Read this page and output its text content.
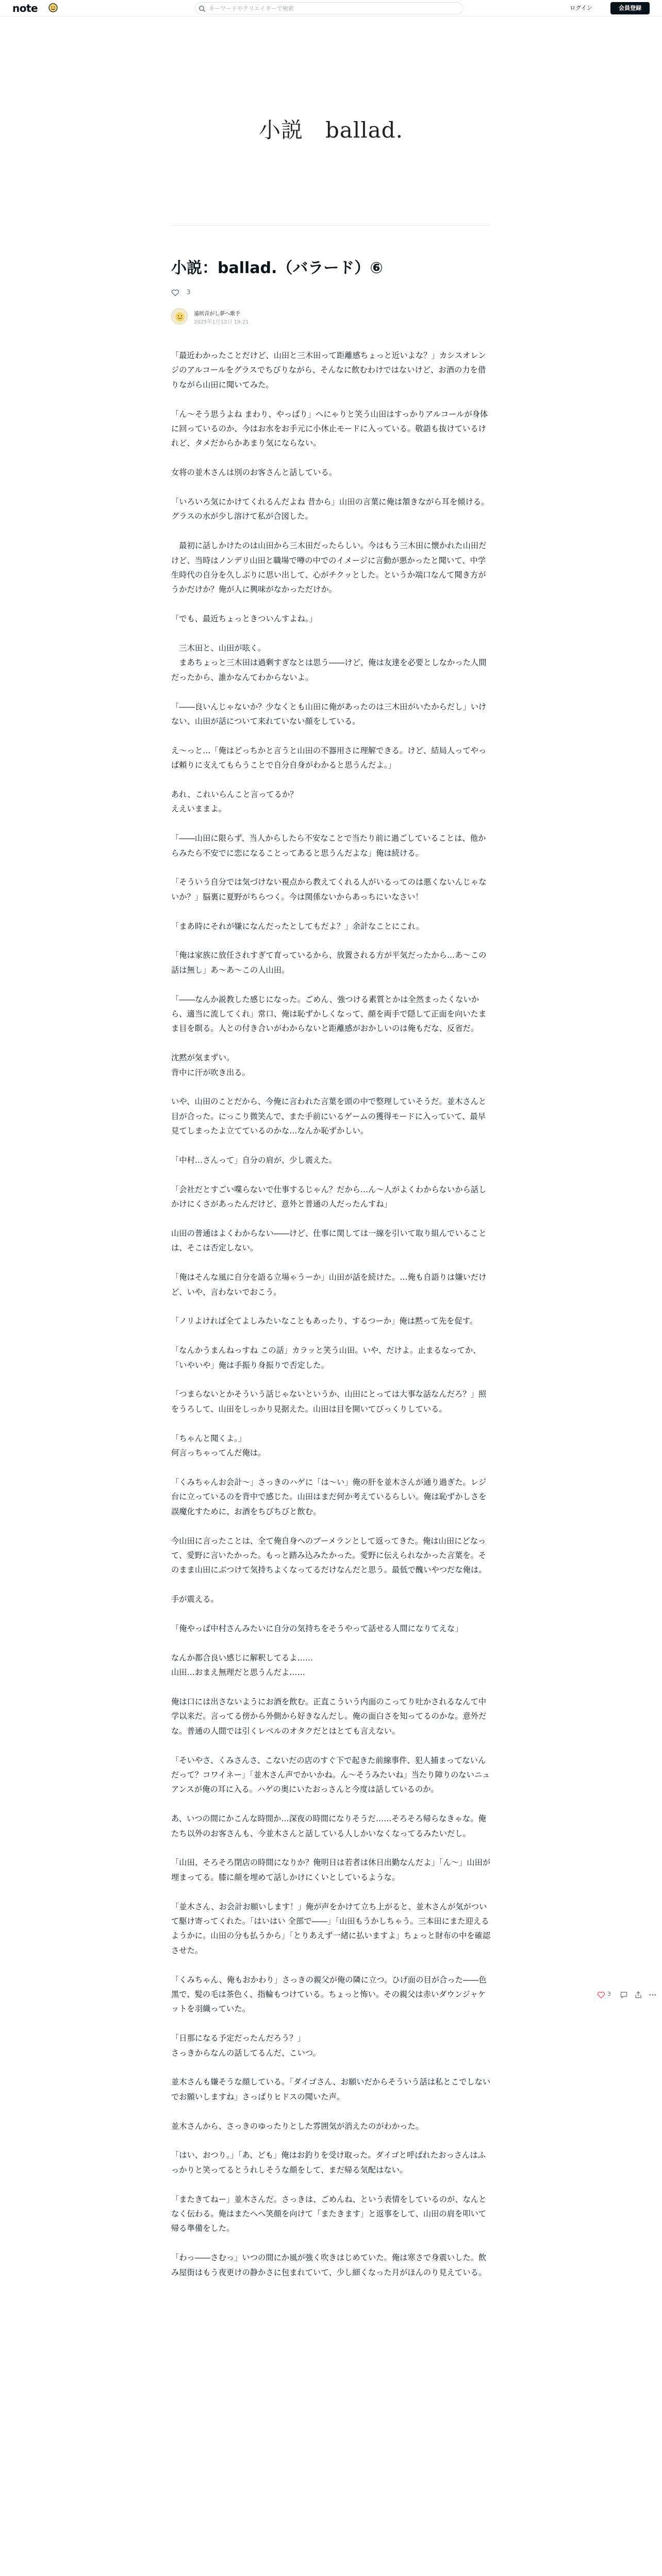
note
キーワードやクリエイターで検索	ログイン	会員登録
小説　ballad.
小説：ballad.（バラード）⑥
3
遠吠音がし夢へ歌手
2025年1月12日 19:21

「最近わかったことだけど、山田と三木田って距離感ちょっと近いよな？」カシスオレンジのアルコールをグラスでちびりながら、そんなに飲むわけではないけど、お酒の力を借りながら山田に聞いてみた。

「ん〜そう思うよね まわり、やっぱり」へにゃりと笑う山田はすっかりアルコールが身体に回っているのか、今はお水をお手元に小休止モードに入っている。敬語も抜けているけれど、タメだからかあまり気にならない。

女将の並木さんは別のお客さんと話している。

「いろいろ気にかけてくれるんだよね 昔から」山田の言葉に俺は頷きながら耳を傾ける。グラスの水が少し溶けて私が合図した。

　最初に話しかけたのは山田から三木田だったらしい。今はもう三木田に懐かれた山田だけど、当時はノンデリ山田と職場で噂の中でのイメージに言動が悪かったと聞いて、中学生時代の自分を久しぶりに思い出して、心がチクッとした。というか端口なんて聞き方がうかだけか？俺が人に興味がなかっただけか。

「でも、最近ちょっときついんすよね。」

　三木田と、山田が呟く。
　まあちょっと三木田は過剰すぎなとは思う――けど、俺は友達を必要としなかった人間だったから、誰かなんてわからないよ。

「――良いんじゃないか？少なくとも山田に俺があったのは三木田がいたからだし」いけない、山田が話について来れていない顔をしている。

え〜っと…「俺はどっちかと言うと山田の不器用さに理解できる。けど、結局人ってやっぱ頼りに支えてもらうことで自分自身がわかると思うんだよ。」

あれ、これいらんこと言ってるか？
ええいままよ。

「――山田に限らず、当人からしたら不安なことで当たり前に過ごしていることは、他からみたら不安でに恋になることってあると思うんだよな」俺は続ける。

「そういう自分では気づけない視点から教えてくれる人がいるってのは悪くないんじゃないか？」脳裏に夏野がちらつく。今は関係ないからあっちにいなさい！

「まあ時にそれが嫌になんだったとしてもだよ？」余計なことにこれ。

「俺は家族に放任されすぎて育っているから、放置される方が平気だったから…あ〜この話は無し」あ〜あ〜この人山田。

「――なんか説教した感じになった。ごめん、強つける素質とかは全然まったくないから、適当に流してくれ」常口、俺は恥ずかしくなって、顔を両手で隠して正面を向いたまま目を瞑る。人との付き合いがわからないと距離感がおかしいのは俺もだな、反省だ。

沈黙が気まずい。
背中に汗が吹き出る。

いや、山田のことだから、今俺に言われた言葉を頭の中で整理していそうだ。並木さんと目が合った。にっこり微笑んで、また手前にいるゲームの獲得モードに入っていて、最早見てしまったよ立てているのかな…なんか恥ずかしい。

「中村…さんって」自分の肩が、少し震えた。

「会社だとすごい喋らないで仕事するじゃん？だから…ん〜人がよくわからないから話しかけにくさがあったんだけど、意外と普通の人だったんすね」

山田の普通はよくわからない――けど、仕事に関しては一線を引いて取り組んでいることは、そこは否定しない。

「俺はそんな風に自分を語る立場ゃうーか」山田が話を続けた。…俺も自語りは嫌いだけど、いや、言わないでおこう。

「ノリよければ全てよしみたいなこともあったり、するつーか」俺は黙って先を促す。

「なんかうまんねっすね この話」カラッと笑う山田。いや、だけよ。止まるなってか、「いやいや」俺は手振り身振りで否定した。

「つまらないとかそういう話じゃないというか、山田にとっては大事な話なんだろ？」照をうろして、山田をしっかり見据えた。山田は目を開いてびっくりしている。

「ちゃんと聞くよ。」
何言っちゃってんだ俺は。

「くみちゃんお会計〜」さっきのハゲに「は〜い」俺の肝を並木さんが通り過ぎた。レジ台に立っているのを背中で感じた。山田はまだ何か考えているらしい。俺は恥ずかしさを誤魔化すために、お酒をちびちびと飲む。

今山田に言ったことは、全て俺自身へのブーメランとして返ってきた。俺は山田にどなって、愛野に言いたかった。もっと踏み込みたかった。愛野に伝えられなかった言葉を。そのまま山田にぶつけて気持ちよくなってるだけなんだと思う。最低で醜いやつだな俺は。

手が震える。

「俺やっぱ中村さんみたいに自分の気持ちをそうやって話せる人間になりてえな」

なんか都合良い感じに解釈してるよ……
山田…おまえ無理だと思うんだよ……

俺は口には出さないようにお酒を飲む。正直こういう内面のこってり吐かされるなんて中学以来だ。言ってる傍から外側から好きなんだし。俺の面白さを知ってるのかな。意外だな。普通の人間では引くレベルのオタクだとはとても言えない。

「そいやさ、くみさんさ、こないだの店のすぐ下で起きた前線事件、犯人捕まってないんだって？コワイネー」「並木さん声でかいかね。ん〜そうみたいね」当たり障りのないニュアンスが俺の耳に入る。ハゲの奥にいたおっさんと今度は話しているのか。

あ、いつの間にかこんな時間か…深夜の時間になりそうだ……そろそろ帰らなきゃな。俺たち以外のお客さんも、今並木さんと話している人しかいなくなってるみたいだし。

「山田、そろそろ閉店の時間になりか？俺明日は若者は休日出勤なんだよ」「ん〜」山田が埋まってる。膝に顔を埋めて話しかけにくいとしているような。

「並木さん、お会計お願いします！」俺が声をかけて立ち上がると、並木さんが気がついて駆け寄ってくれた。「はいはい 全部で――」「山田もうかしちゃう。三本田にまた迎えるようかに。山田の分も払うから」「とりあえず一緒に払いますよ」ちょっと財布の中を確認させた。

「くみちゃん、俺もおかわり」さっきの親父が俺の隣に立つ。ひげ面の目が合った――色黒で、髪の毛は茶色く、指輪もつけている。ちょっと怖い。その親父は赤いダウンジャケットを羽織っていた。

「日那になる予定だったんだろう？」
さっきからなんの話してるんだ、こいつ。

並木さんも嫌そうな顔している。「ダイゴさん、お願いだからそういう話は私とこでしないでお願いしますね」さっぱりヒドスの聞いた声。

並木さんから、さっきのゆったりとした雰囲気が消えたのがわかった。

「はい、おつり。」「あ、ども」俺はお釣りを受け取った。ダイゴと呼ばれたおっさんはふっかりと笑ってるとうれしそうな顔をして、まだ帰る気配はない。

「またきてねー」並木さんだ。さっきは、ごめんね、という表情をしているのが、なんとなく伝わる。俺はまたへへ笑顔を向けて「またきます」と返事をして、山田の肩を叩いて帰る準備をした。

「わっ――さむっ」いつの間にか風が強く吹きはじめていた。俺は寒さで身震いした。飲み屋街はもう夜更けの静かさに包まれていて、少し細くなった月がほんのり見えている。

3
